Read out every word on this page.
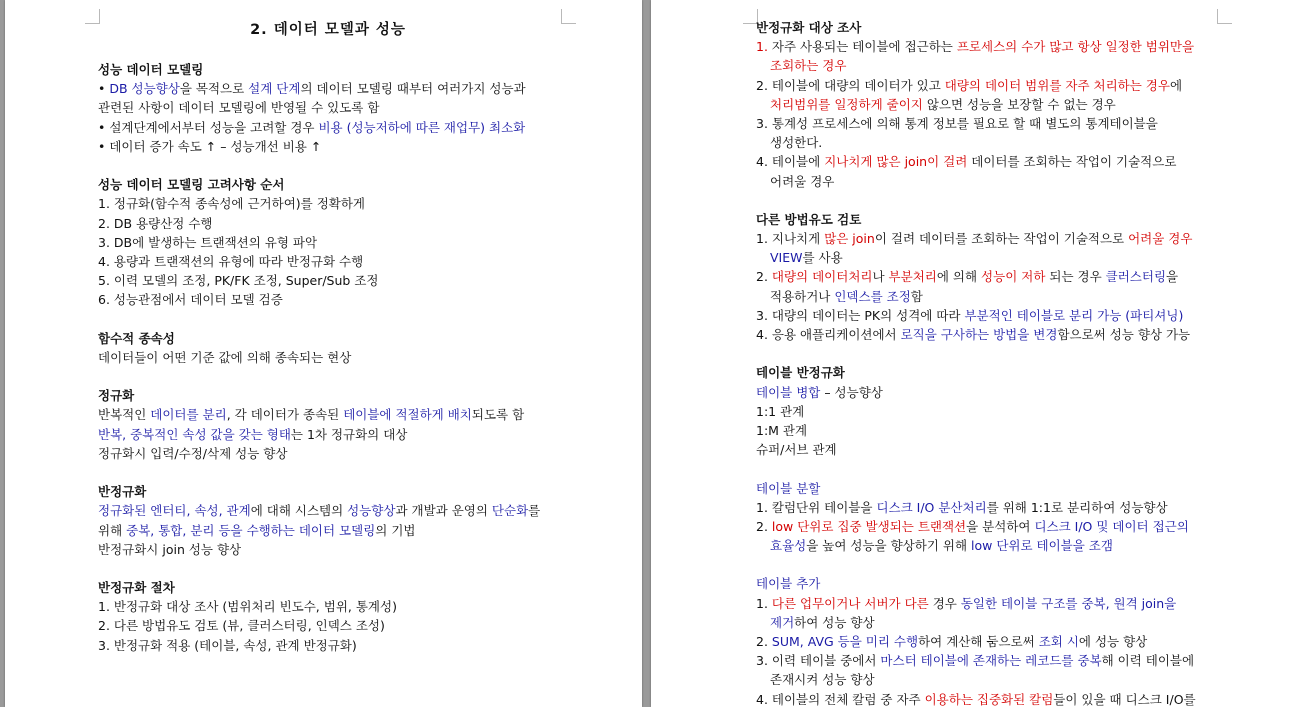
2. 데이터 모델과 성능
성능 데이터 모델링
• DB 성능향상을 목적으로 설계 단계의 데이터 모델링 때부터 여러가지 성능과
관련된 사항이 데이터 모델링에 반영될 수 있도록 함
• 설계단계에서부터 성능을 고려할 경우 비용 (성능저하에 따른 재업무) 최소화
• 데이터 증가 속도 ↑ – 성능개선 비용 ↑
성능 데이터 모델링 고려사항 순서
1. 정규화(함수적 종속성에 근거하여)를 정확하게
2. DB 용량산정 수행
3. DB에 발생하는 트랜잭션의 유형 파악
4. 용량과 트랜잭션의 유형에 따라 반정규화 수행
5. 이력 모델의 조정, PK/FK 조정, Super/Sub 조정
6. 성능관점에서 데이터 모델 검증
함수적 종속성
데이터들이 어떤 기준 값에 의해 종속되는 현상
정규화
반복적인 데이터를 분리, 각 데이터가 종속된 테이블에 적절하게 배치되도록 함
반복, 중복적인 속성 값을 갖는 형태는 1차 정규화의 대상
정규화시 입력/수정/삭제 성능 향상
반정규화
정규화된 엔터티, 속성, 관계에 대해 시스템의 성능향상과 개발과 운영의 단순화를
위해 중복, 통합, 분리 등을 수행하는 데이터 모델링의 기법
반정규화시 join 성능 향상
반정규화 절차
1. 반정규화 대상 조사 (범위처리 빈도수, 범위, 통계성)
2. 다른 방법유도 검토 (뷰, 클러스터링, 인덱스 조성)
3. 반정규화 적용 (테이블, 속성, 관계 반정규화)
반정규화 대상 조사
1. 자주 사용되는 테이블에 접근하는 프로세스의 수가 많고 항상 일정한 범위만을
조회하는 경우
2. 테이블에 대량의 데이터가 있고 대량의 데이터 범위를 자주 처리하는 경우에
처리범위를 일정하게 줄이지 않으면 성능을 보장할 수 없는 경우
3. 통계성 프로세스에 의해 통계 정보를 필요로 할 때 별도의 통계테이블을
생성한다.
4. 테이블에 지나치게 많은 join이 걸려 데이터를 조회하는 작업이 기술적으로
어려울 경우
다른 방법유도 검토
1. 지나치게 많은 join이 걸려 데이터를 조회하는 작업이 기술적으로 어려울 경우
VIEW를 사용
2. 대량의 데이터처리나 부분처리에 의해 성능이 저하 되는 경우 클러스터링을
적용하거나 인덱스를 조정함
3. 대량의 데이터는 PK의 성격에 따라 부분적인 테이블로 분리 가능 (파티셔닝)
4. 응용 애플리케이션에서 로직을 구사하는 방법을 변경함으로써 성능 향상 가능
테이블 반정규화
테이블 병합 – 성능향상
1:1 관계
1:M 관계
슈퍼/서브 관계
테이블 분할
1. 칼럼단위 테이블을 디스크 I/O 분산처리를 위해 1:1로 분리하여 성능향상
2. low 단위로 집중 발생되는 트랜잭션을 분석하여 디스크 I/O 및 데이터 접근의
효율성을 높여 성능을 향상하기 위해 low 단위로 테이블을 조갬
테이블 추가
1. 다른 업무이거나 서버가 다른 경우 동일한 테이블 구조를 중복, 원격 join을
제거하여 성능 향상
2. SUM, AVG 등을 미리 수행하여 계산해 둠으로써 조회 시에 성능 향상
3. 이력 테이블 중에서 마스터 테이블에 존재하는 레코드를 중복해 이력 테이블에
존재시켜 성능 향상
4. 테이블의 전체 칼럼 중 자주 이용하는 집중화된 칼럼들이 있을 때 디스크 I/O를
